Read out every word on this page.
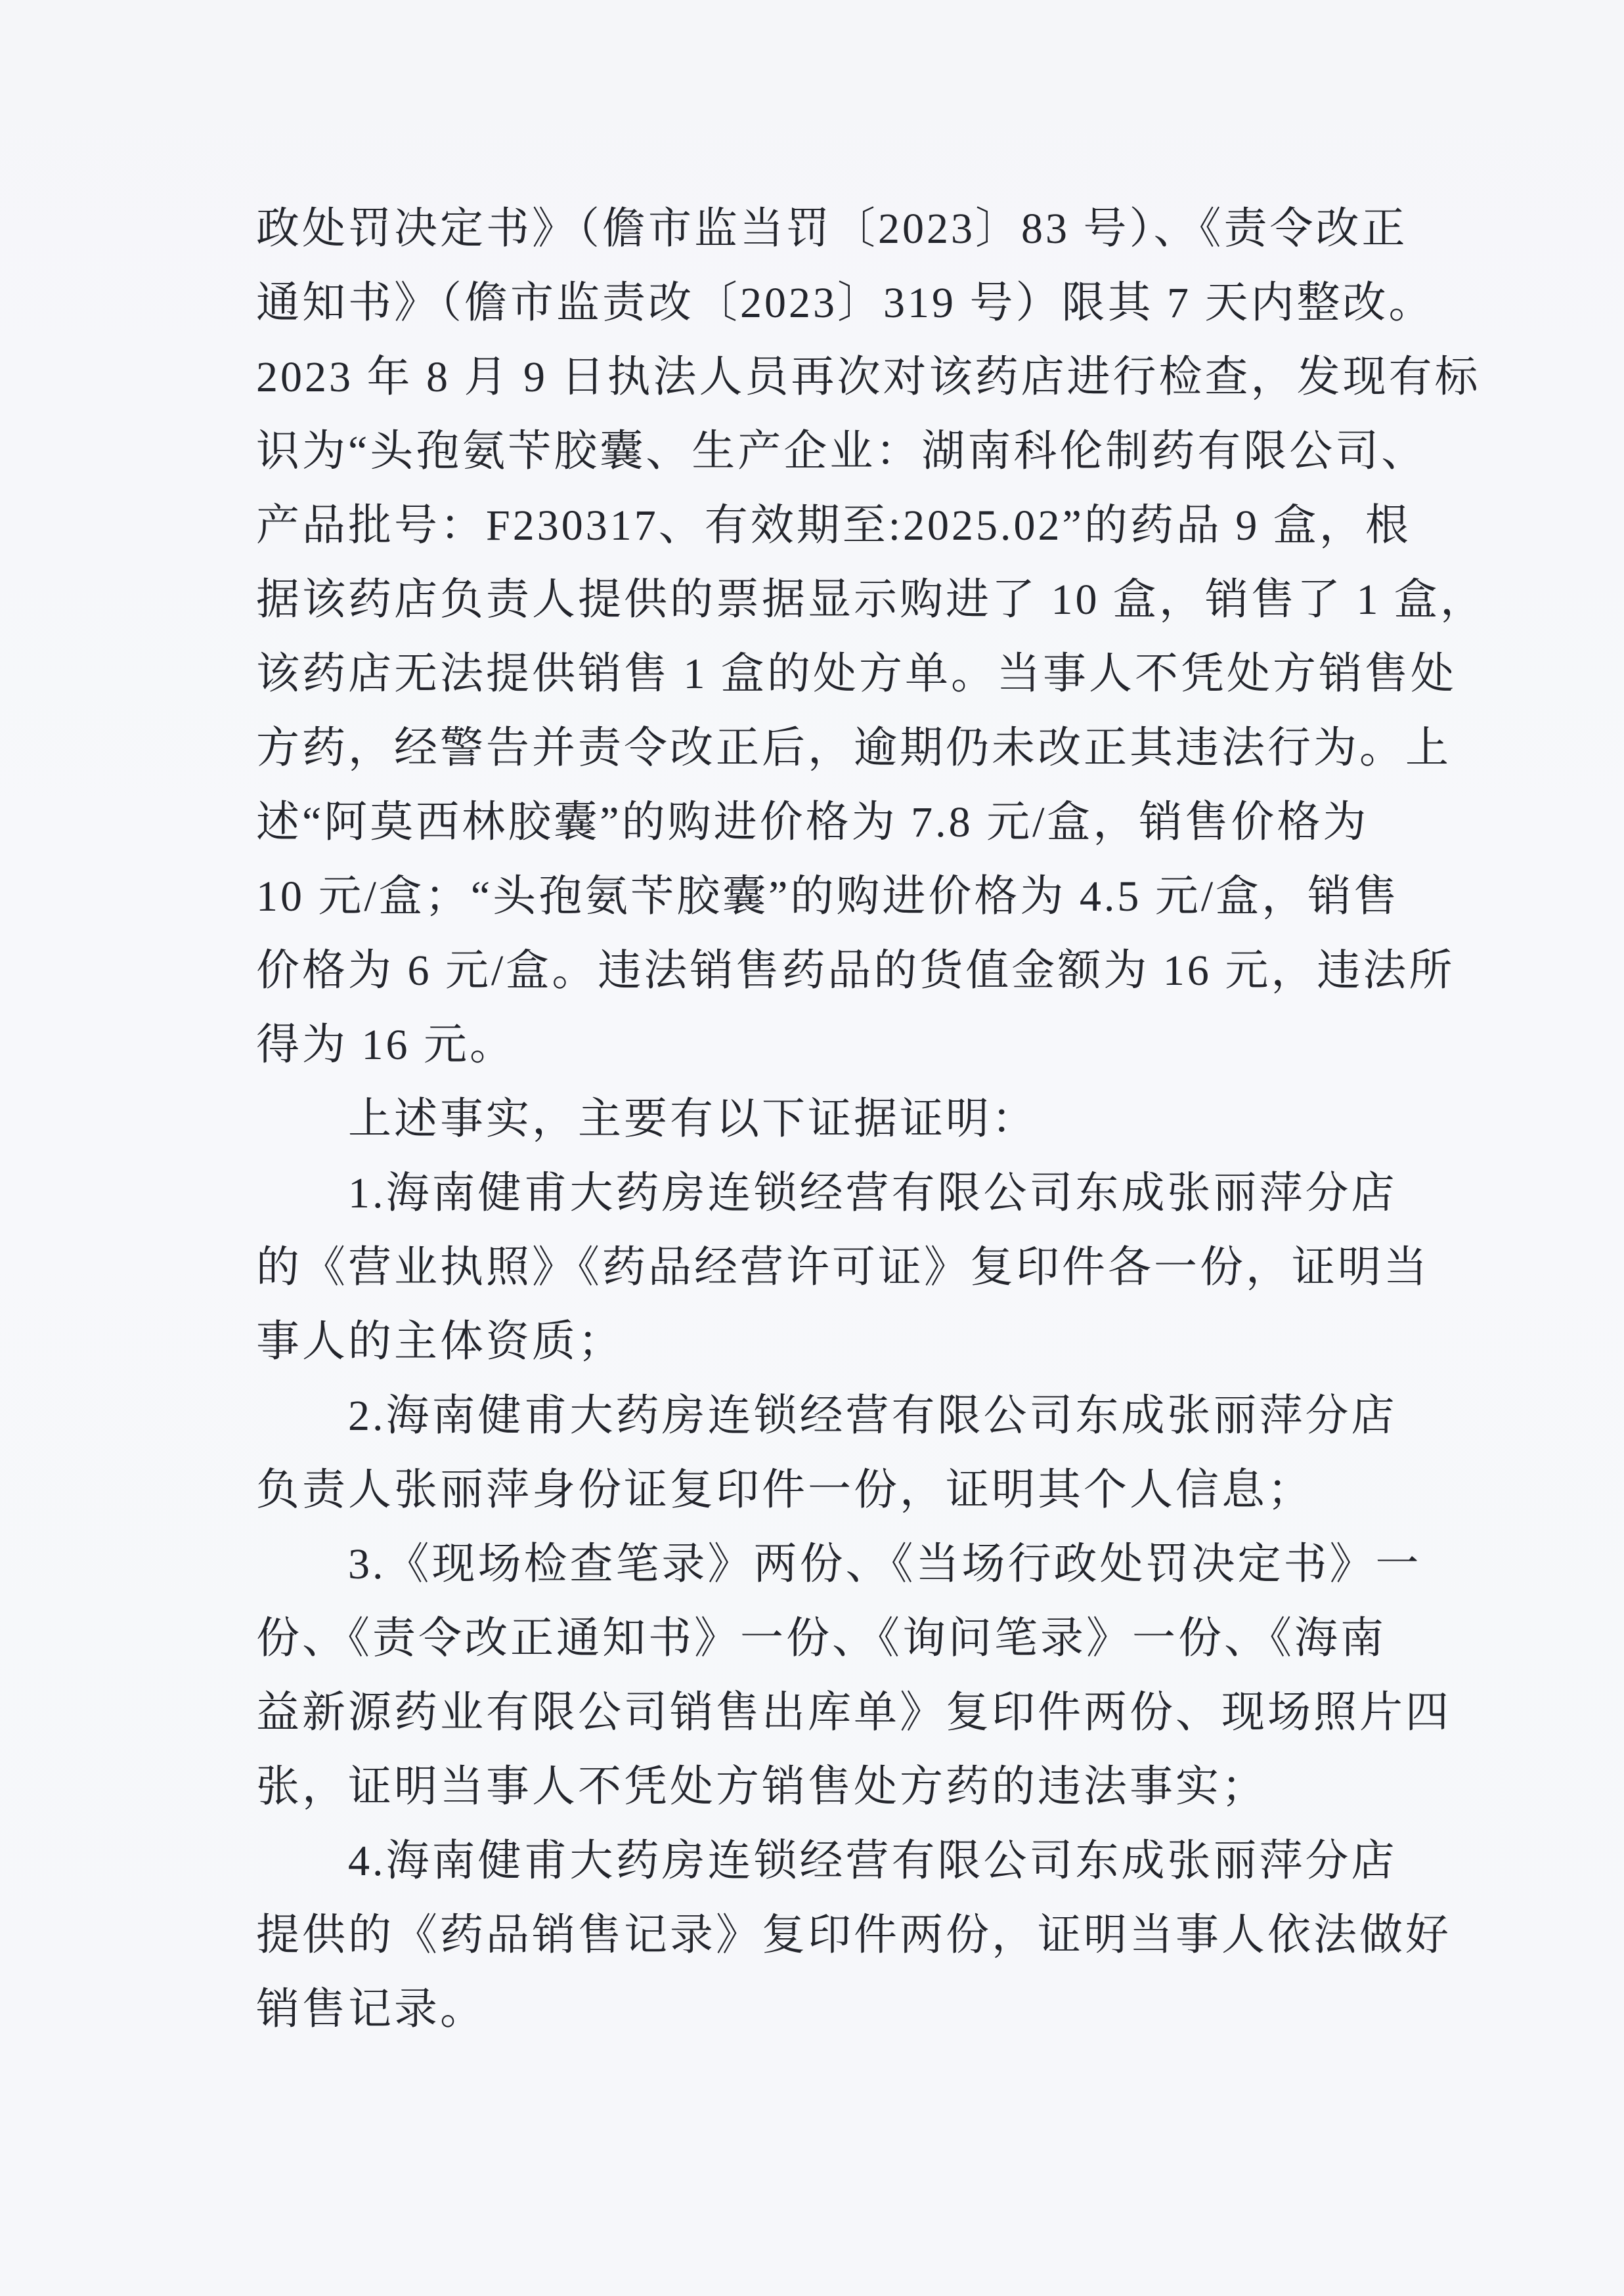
政处罚决定书》（儋市监当罚〔2023〕83 号）、《责令改正
通知书》（儋市监责改〔2023〕319 号）限其 7 天内整改。
2023 年 8 月 9 日执法人员再次对该药店进行检查，发现有标
识为“头孢氨苄胶囊、生产企业：湖南科伦制药有限公司、
产品批号：F230317、有效期至:2025.02”的药品 9 盒，根
据该药店负责人提供的票据显示购进了 10 盒，销售了 1 盒，
该药店无法提供销售 1 盒的处方单。当事人不凭处方销售处
方药，经警告并责令改正后，逾期仍未改正其违法行为。上
述“阿莫西林胶囊”的购进价格为 7.8 元/盒，销售价格为
10 元/盒；“头孢氨苄胶囊”的购进价格为 4.5 元/盒，销售
价格为 6 元/盒。违法销售药品的货值金额为 16 元，违法所
得为 16 元。
上述事实，主要有以下证据证明：
1.海南健甫大药房连锁经营有限公司东成张丽萍分店
的《营业执照》《药品经营许可证》复印件各一份，证明当
事人的主体资质；
2.海南健甫大药房连锁经营有限公司东成张丽萍分店
负责人张丽萍身份证复印件一份，证明其个人信息；
3.《现场检查笔录》两份、《当场行政处罚决定书》一
份、《责令改正通知书》一份、《询问笔录》一份、《海南
益新源药业有限公司销售出库单》复印件两份、现场照片四
张，证明当事人不凭处方销售处方药的违法事实；
4.海南健甫大药房连锁经营有限公司东成张丽萍分店
提供的《药品销售记录》复印件两份，证明当事人依法做好
销售记录。
